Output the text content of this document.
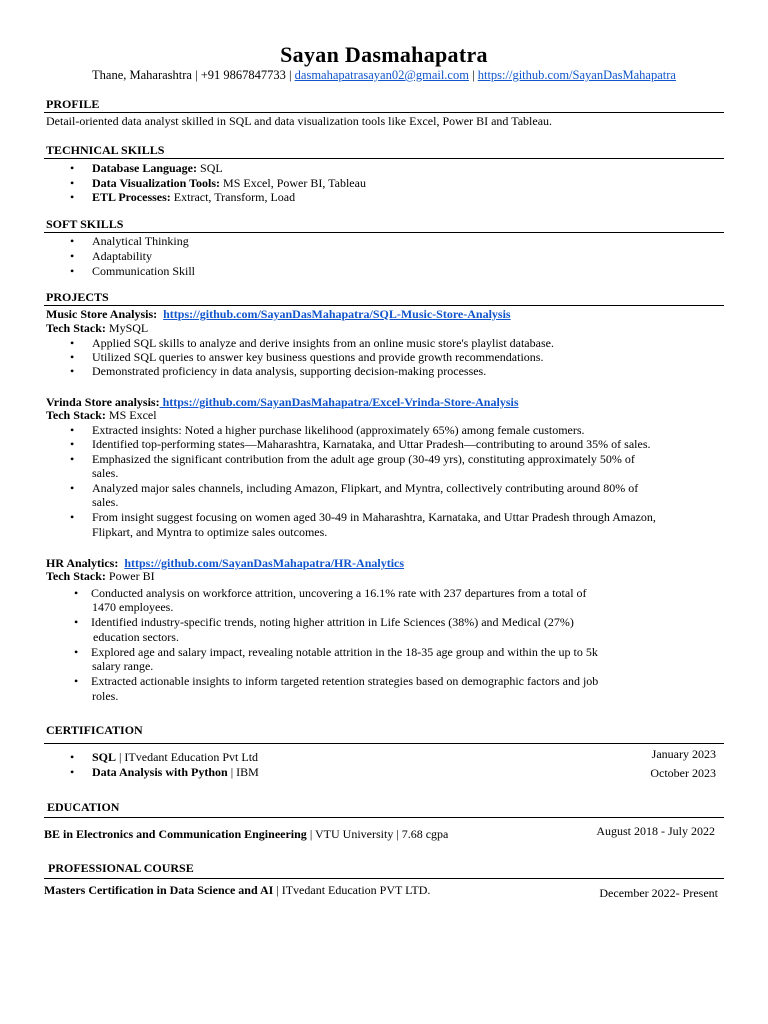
Sayan Dasmahapatra
Thane, Maharashtra | +91 9867847733 | dasmahapatrasayan02@gmail.com | https://github.com/SayanDasMahapatra
PROFILE
Detail-oriented data analyst skilled in SQL and data visualization tools like Excel, Power BI and Tableau.
TECHNICAL SKILLS
• Database Language: SQL
• Data Visualization Tools: MS Excel, Power BI, Tableau
• ETL Processes: Extract, Transform, Load
SOFT SKILLS
• Analytical Thinking
• Adaptability
• Communication Skill
PROJECTS
Music Store Analysis: https://github.com/SayanDasMahapatra/SQL-Music-Store-Analysis
Tech Stack: MySQL
• Applied SQL skills to analyze and derive insights from an online music store's playlist database.
• Utilized SQL queries to answer key business questions and provide growth recommendations.
• Demonstrated proficiency in data analysis, supporting decision-making processes.
Vrinda Store analysis: https://github.com/SayanDasMahapatra/Excel-Vrinda-Store-Analysis
Tech Stack: MS Excel
• Extracted insights: Noted a higher purchase likelihood (approximately 65%) among female customers.
• Identified top-performing states—Maharashtra, Karnataka, and Uttar Pradesh—contributing to around 35% of sales.
• Emphasized the significant contribution from the adult age group (30-49 yrs), constituting approximately 50% of
sales.
• Analyzed major sales channels, including Amazon, Flipkart, and Myntra, collectively contributing around 80% of
sales.
• From insight suggest focusing on women aged 30-49 in Maharashtra, Karnataka, and Uttar Pradesh through Amazon,
Flipkart, and Myntra to optimize sales outcomes.
HR Analytics: https://github.com/SayanDasMahapatra/HR-Analytics
Tech Stack: Power BI
• Conducted analysis on workforce attrition, uncovering a 16.1% rate with 237 departures from a total of
1470 employees.
• Identified industry-specific trends, noting higher attrition in Life Sciences (38%) and Medical (27%)
education sectors.
• Explored age and salary impact, revealing notable attrition in the 18-35 age group and within the up to 5k
salary range.
• Extracted actionable insights to inform targeted retention strategies based on demographic factors and job
roles.
CERTIFICATION
• SQL | ITvedant Education Pvt Ltd	January 2023
• Data Analysis with Python | IBM	October 2023
EDUCATION
BE in Electronics and Communication Engineering | VTU University | 7.68 cgpa	August 2018 - July 2022
PROFESSIONAL COURSE
Masters Certification in Data Science and AI | ITvedant Education PVT LTD.	December 2022- Present
